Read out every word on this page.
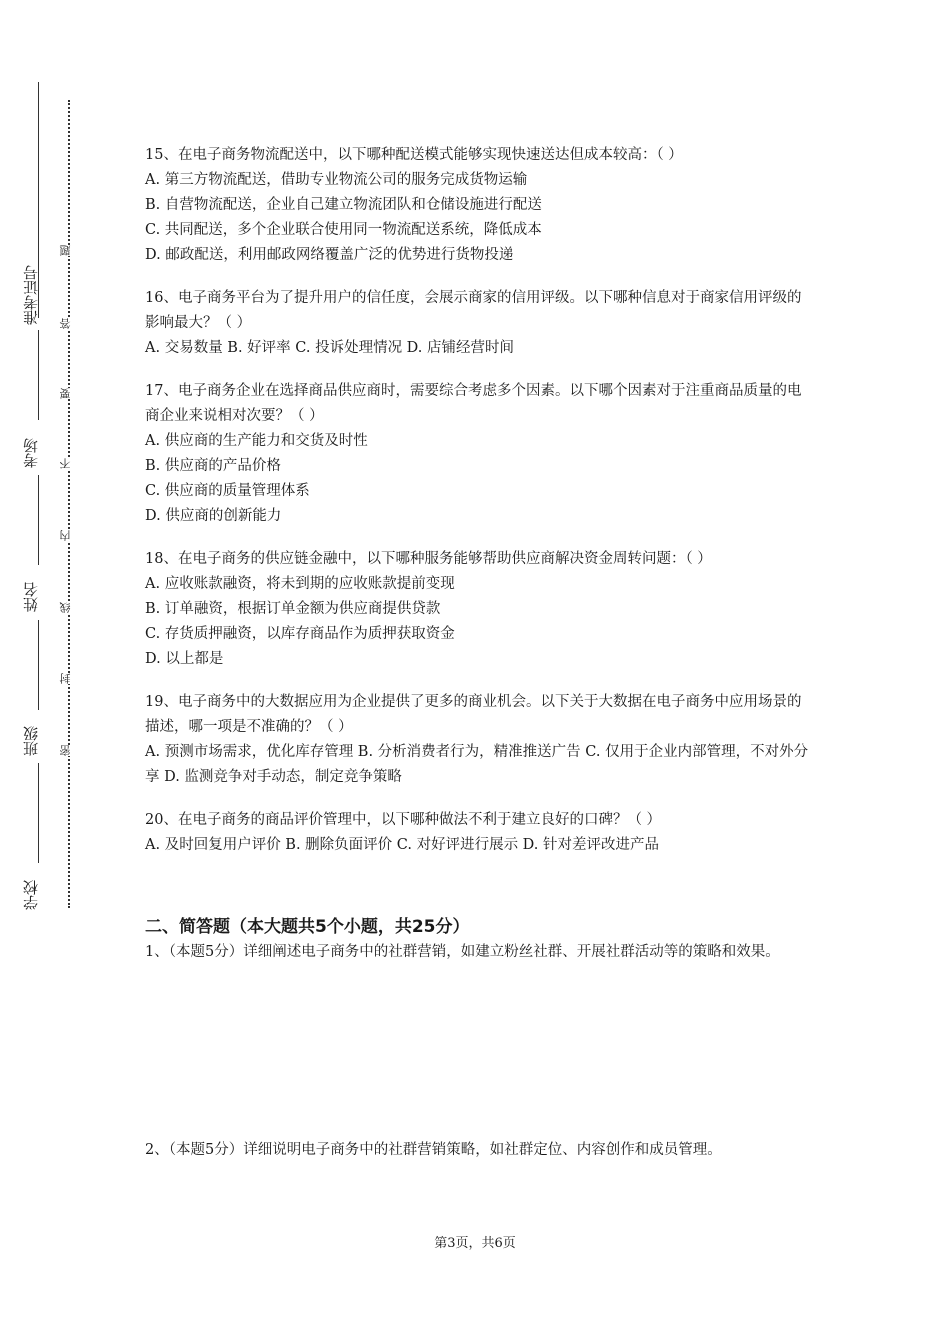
准考证号
考场
姓名
班级
学校
题
答
要
不
内
线
封
密

15、在电子商务物流配送中，以下哪种配送模式能够实现快速送达但成本较高：（ ）

A. 第三方物流配送，借助专业物流公司的服务完成货物运输

B. 自营物流配送，企业自己建立物流团队和仓储设施进行配送

C. 共同配送，多个企业联合使用同一物流配送系统，降低成本

D. 邮政配送，利用邮政网络覆盖广泛的优势进行货物投递

16、电子商务平台为了提升用户的信任度，会展示商家的信用评级。以下哪种信息对于商家信用评级的影响最大？（ ）

A. 交易数量 B. 好评率 C. 投诉处理情况 D. 店铺经营时间

17、电子商务企业在选择商品供应商时，需要综合考虑多个因素。以下哪个因素对于注重商品质量的电商企业来说相对次要？（ ）

A. 供应商的生产能力和交货及时性

B. 供应商的产品价格

C. 供应商的质量管理体系

D. 供应商的创新能力

18、在电子商务的供应链金融中，以下哪种服务能够帮助供应商解决资金周转问题：（ ）

A. 应收账款融资，将未到期的应收账款提前变现

B. 订单融资，根据订单金额为供应商提供贷款

C. 存货质押融资，以库存商品作为质押获取资金

D. 以上都是

19、电子商务中的大数据应用为企业提供了更多的商业机会。以下关于大数据在电子商务中应用场景的描述，哪一项是不准确的？（ ）

A. 预测市场需求，优化库存管理 B. 分析消费者行为，精准推送广告 C. 仅用于企业内部管理，不对外分享 D. 监测竞争对手动态，制定竞争策略

20、在电子商务的商品评价管理中，以下哪种做法不利于建立良好的口碑？（ ）

A. 及时回复用户评价 B. 删除负面评价 C. 对好评进行展示 D. 针对差评改进产品

二、简答题（本大题共5个小题，共25分）

1、（本题5分）详细阐述电子商务中的社群营销，如建立粉丝社群、开展社群活动等的策略和效果。

2、（本题5分）详细说明电子商务中的社群营销策略，如社群定位、内容创作和成员管理。

第3页，共6页
